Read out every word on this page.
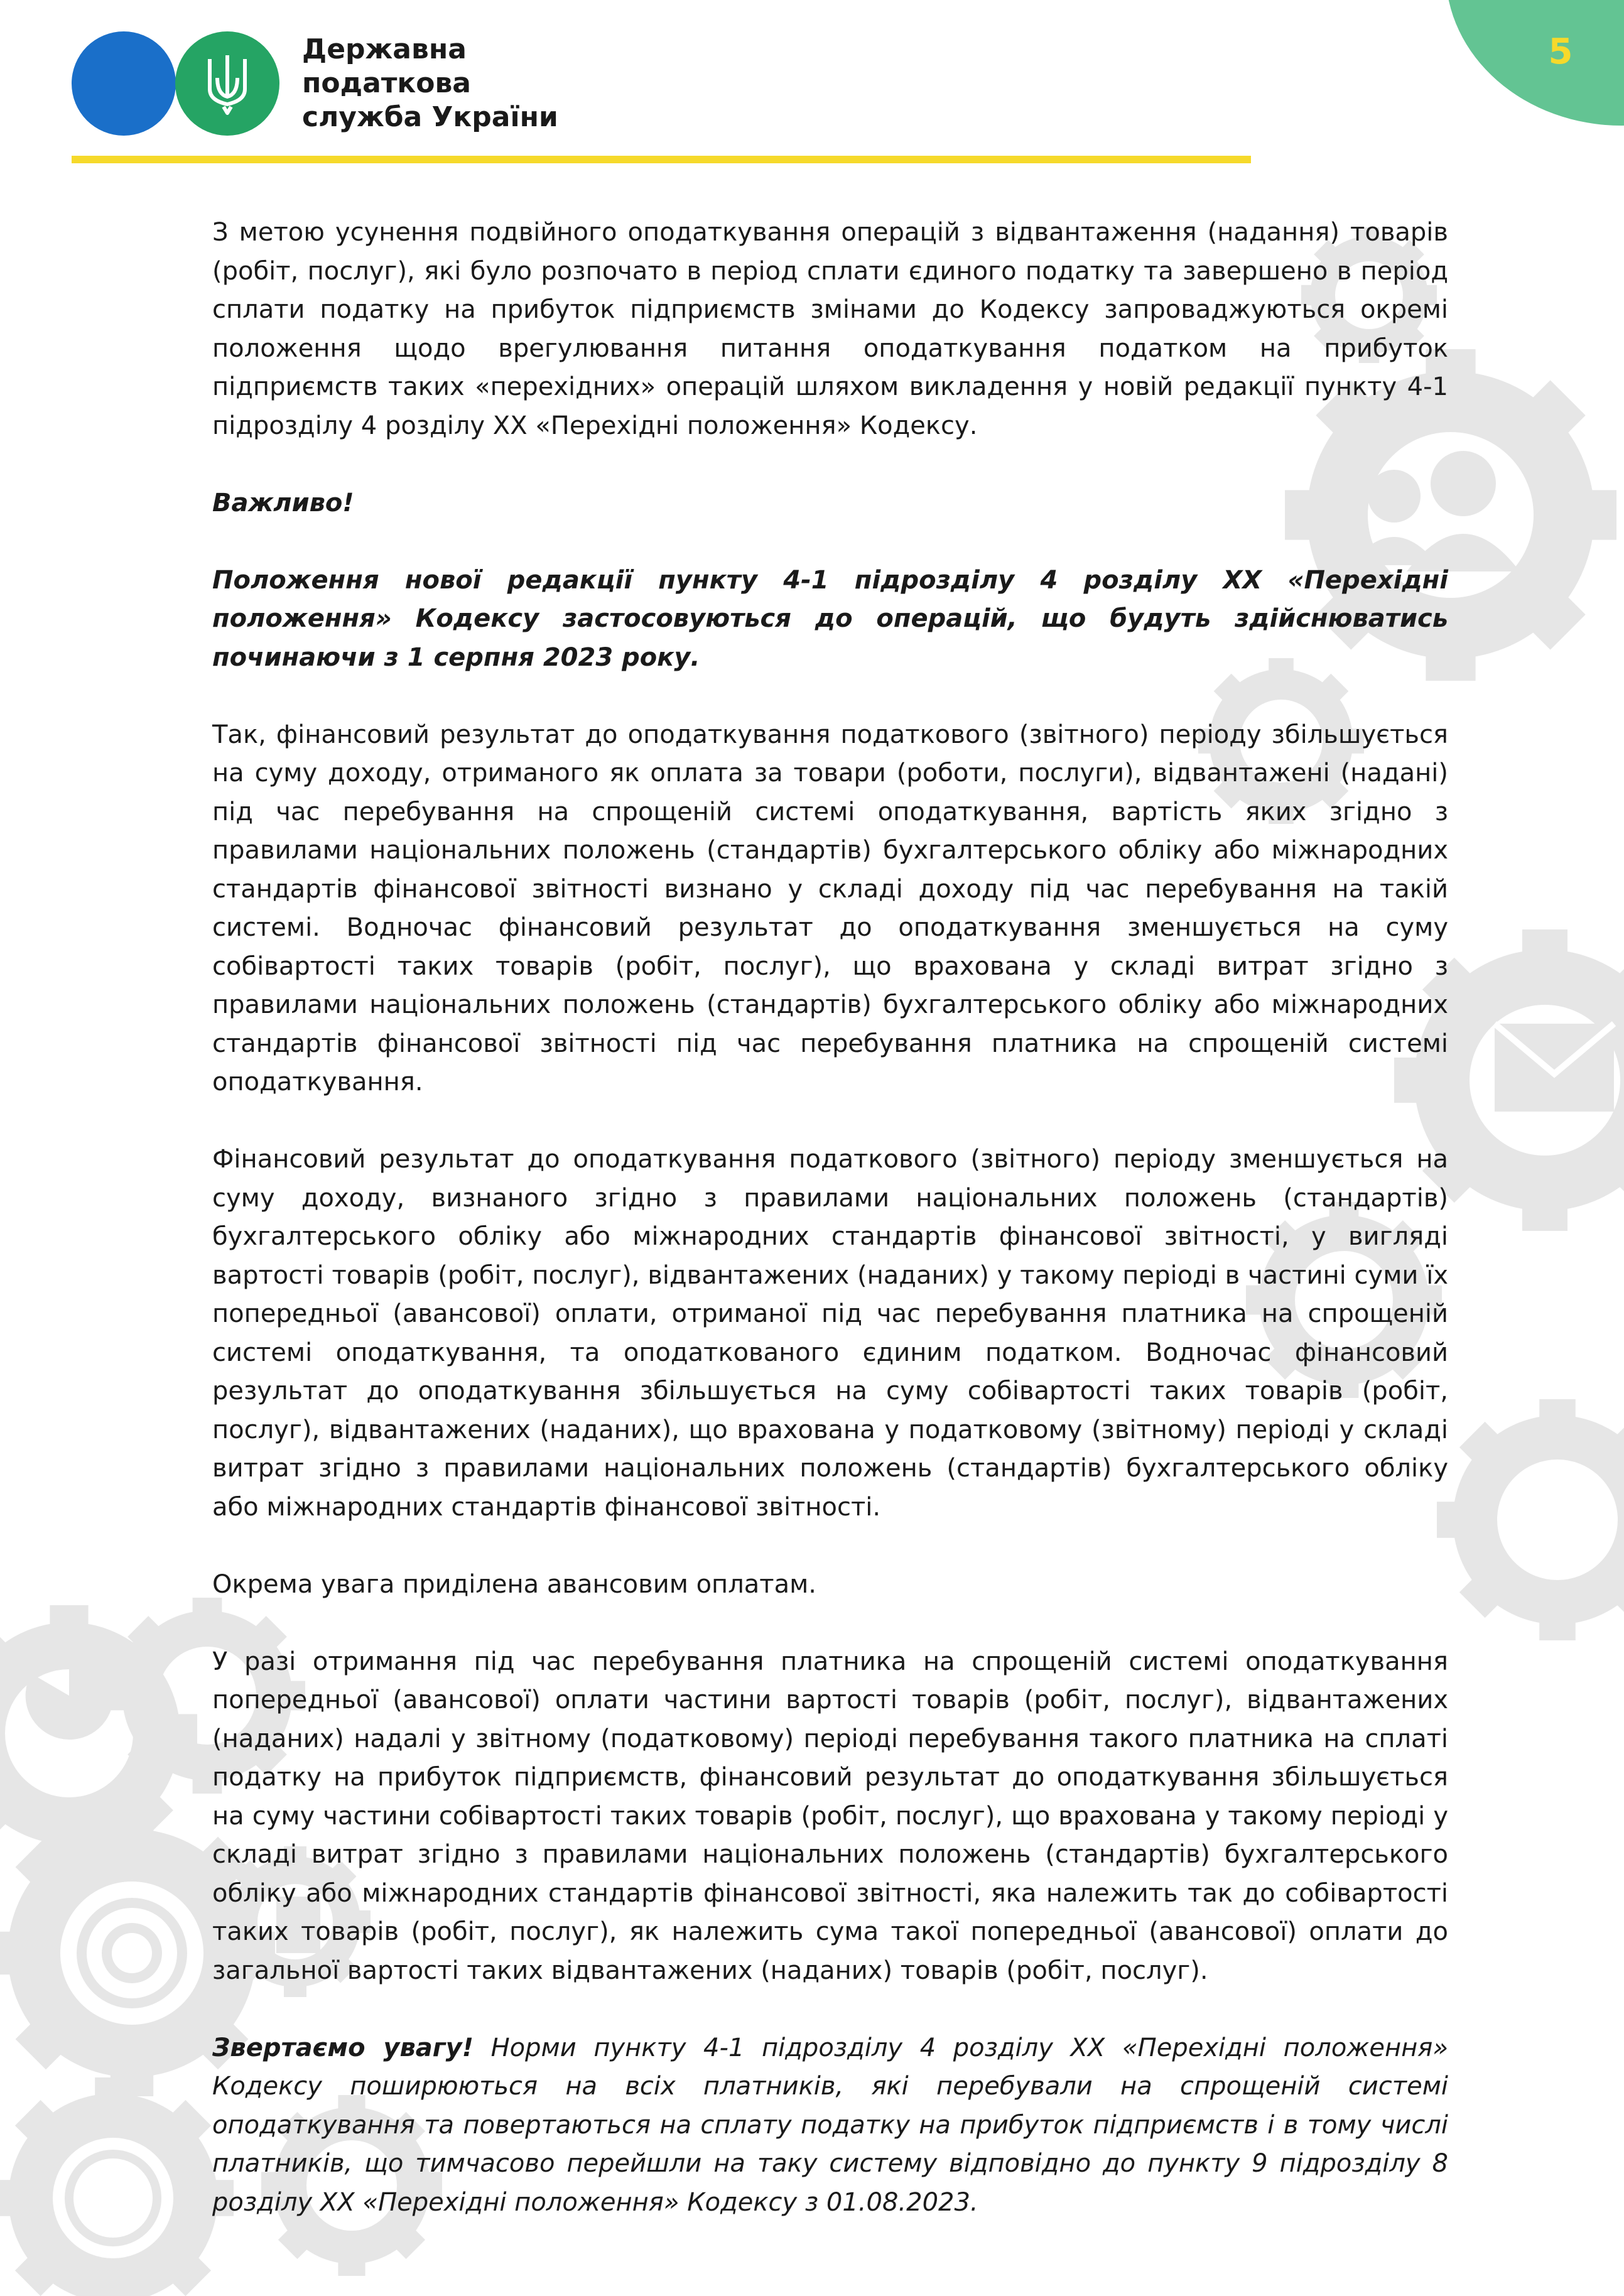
5
Державна
податкова
служба України

З метою усунення подвійного оподаткування операцій з відвантаження (надання) товарів (робіт, послуг), які було розпочато в період сплати єдиного податку та завершено в період сплати податку на прибуток підприємств змінами до Кодексу запроваджуються окремі положення щодо врегулювання питання оподаткування податком на прибуток підприємств таких «перехідних» операцій шляхом викладення у новій редакції пункту 4-1 підрозділу 4 розділу ХХ «Перехідні положення» Кодексу.

Важливо!

Положення нової редакції пункту 4-1 підрозділу 4 розділу ХХ «Перехідні положення» Кодексу застосовуються до операцій, що будуть здійснюватись починаючи з 1 серпня 2023 року.

Так, фінансовий результат до оподаткування податкового (звітного) періоду збільшується на суму доходу, отриманого як оплата за товари (роботи, послуги), відвантажені (надані) під час перебування на спрощеній системі оподаткування, вартість яких згідно з правилами національних положень (стандартів) бухгалтерського обліку або міжнародних стандартів фінансової звітності визнано у складі доходу під час перебування на такій системі. Водночас фінансовий результат до оподаткування зменшується на суму собівартості таких товарів (робіт, послуг), що врахована у складі витрат згідно з правилами національних положень (стандартів) бухгалтерського обліку або міжнародних стандартів фінансової звітності під час перебування платника на спрощеній системі оподаткування.

Фінансовий результат до оподаткування податкового (звітного) періоду зменшується на суму доходу, визнаного згідно з правилами національних положень (стандартів) бухгалтерського обліку або міжнародних стандартів фінансової звітності, у вигляді вартості товарів (робіт, послуг), відвантажених (наданих) у такому періоді в частині суми їх попередньої (авансової) оплати, отриманої під час перебування платника на спрощеній системі оподаткування, та оподаткованого єдиним податком. Водночас фінансовий результат до оподаткування збільшується на суму собівартості таких товарів (робіт, послуг), відвантажених (наданих), що врахована у податковому (звітному) періоді у складі витрат згідно з правилами національних положень (стандартів) бухгалтерського обліку або міжнародних стандартів фінансової звітності.

Окрема увага приділена авансовим оплатам.

У разі отримання під час перебування платника на спрощеній системі оподаткування попередньої (авансової) оплати частини вартості товарів (робіт, послуг), відвантажених (наданих) надалі у звітному (податковому) періоді перебування такого платника на сплаті податку на прибуток підприємств, фінансовий результат до оподаткування збільшується на суму частини собівартості таких товарів (робіт, послуг), що врахована у такому періоді у складі витрат згідно з правилами національних положень (стандартів) бухгалтерського обліку або міжнародних стандартів фінансової звітності, яка належить так до собівартості таких товарів (робіт, послуг), як належить сума такої попередньої (авансової) оплати до загальної вартості таких відвантажених (наданих) товарів (робіт, послуг).

Звертаємо увагу! Норми пункту 4-1 підрозділу 4 розділу XX «Перехідні положення» Кодексу поширюються на всіх платників, які перебували на спрощеній системі оподаткування та повертаються на сплату податку на прибуток підприємств і в тому числі платників, що тимчасово перейшли на таку систему відповідно до пункту 9 підрозділу 8 розділу XX «Перехідні положення» Кодексу з 01.08.2023.
